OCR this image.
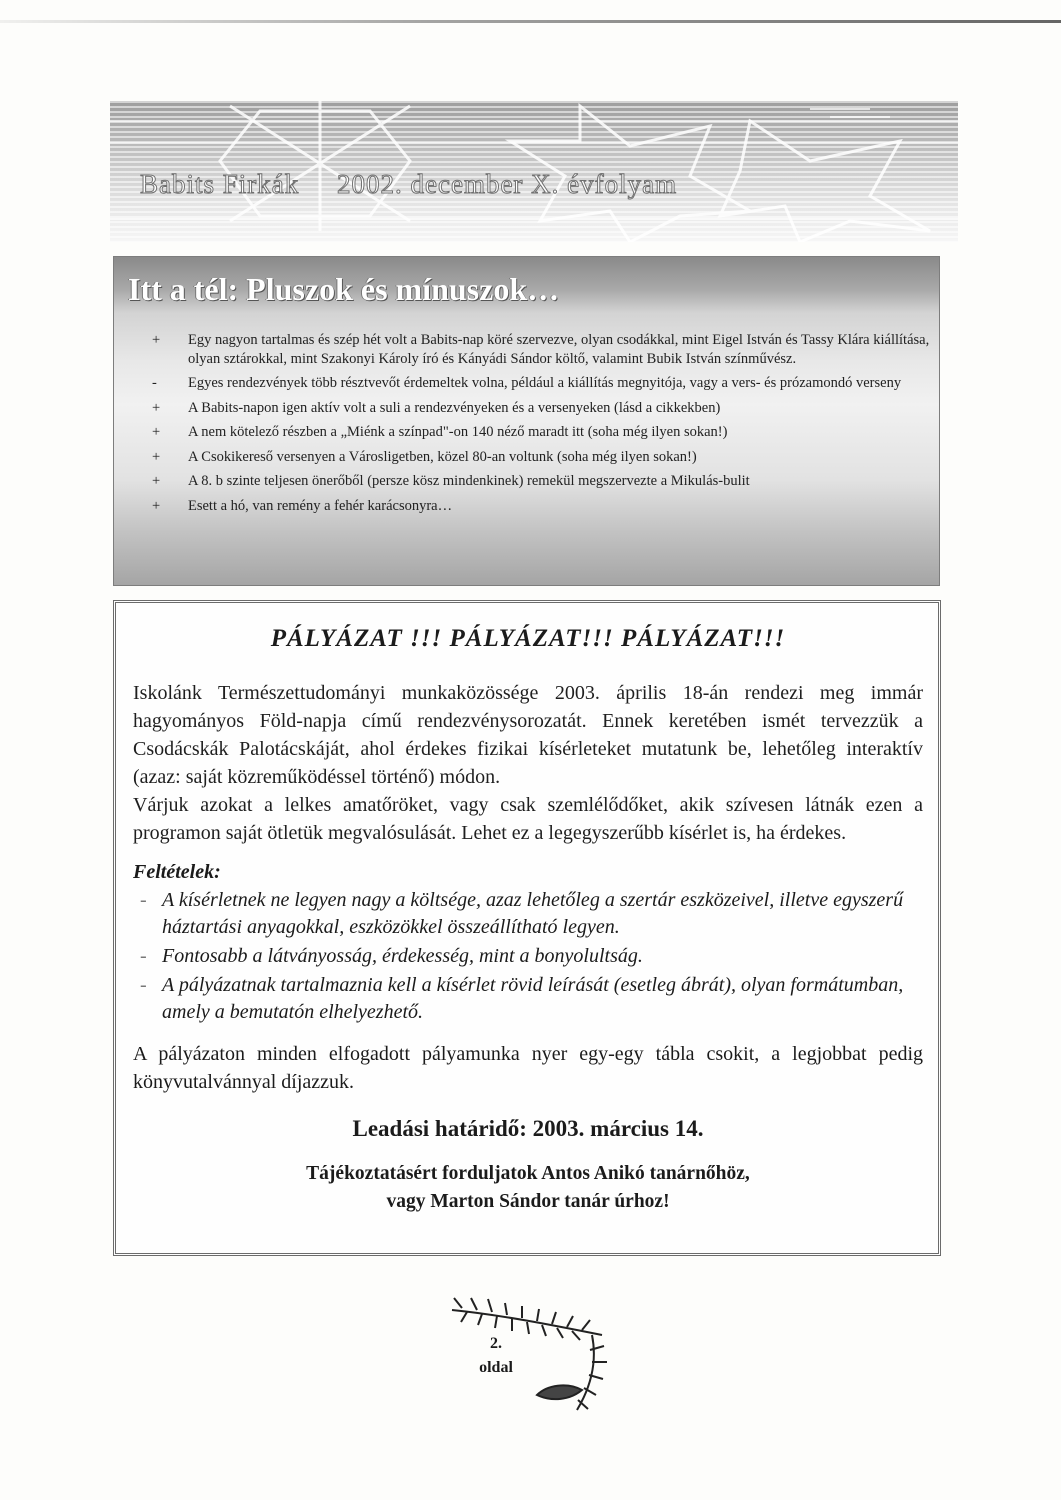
Babits Firkák 2002. december X. évfolyam
Itt a tél: Pluszok és mínuszok…
+	Egy nagyon tartalmas és szép hét volt a Babits-nap köré szervezve, olyan csodákkal, mint Eigel István és Tassy Klára kiállítása, olyan sztárokkal, mint Szakonyi Károly író és Kányádi Sándor költő, valamint Bubik István színművész.
-	Egyes rendezvények több résztvevőt érdemeltek volna, például a kiállítás megnyitója, vagy a vers- és prózamondó verseny
+	A Babits-napon igen aktív volt a suli a rendezvényeken és a versenyeken (lásd a cikkekben)
+	A nem kötelező részben a „Miénk a színpad"-on 140 néző maradt itt (soha még ilyen sokan!)
+	A Csokikereső versenyen a Városligetben, közel 80-an voltunk (soha még ilyen sokan!)
+	A 8. b szinte teljesen önerőből (persze kösz mindenkinek) remekül megszervezte a Mikulás-bulit
+	Esett a hó, van remény a fehér karácsonyra…
PÁLYÁZAT !!! PÁLYÁZAT!!! PÁLYÁZAT!!!

Iskolánk Természettudományi munkaközössége 2003. április 18-án rendezi meg immár hagyományos Föld-napja című rendezvénysorozatát. Ennek keretében ismét tervezzük a Csodácskák Palotácskáját, ahol érdekes fizikai kísérleteket mutatunk be, lehetőleg interaktív (azaz: saját közreműködéssel történő) módon.
Várjuk azokat a lelkes amatőröket, vagy csak szemlélődőket, akik szívesen látnák ezen a programon saját ötletük megvalósulását. Lehet ez a legegyszerűbb kísérlet is, ha érdekes.

Feltételek:
- A kísérletnek ne legyen nagy a költsége, azaz lehetőleg a szertár eszközeivel, illetve egyszerű háztartási anyagokkal, eszközökkel összeállítható legyen.
- Fontosabb a látványosság, érdekesség, mint a bonyolultság.
- A pályázatnak tartalmaznia kell a kísérlet rövid leírását (esetleg ábrát), olyan formátumban, amely a bemutatón elhelyezhető.

A pályázaton minden elfogadott pályamunka nyer egy-egy tábla csokit, a legjobbat pedig könyvutalvánnyal díjazzuk.

Leadási határidő: 2003. március 14.
Tájékoztatásért forduljatok Antos Anikó tanárnőhöz,
vagy Marton Sándor tanár úrhoz!
2.
oldal
